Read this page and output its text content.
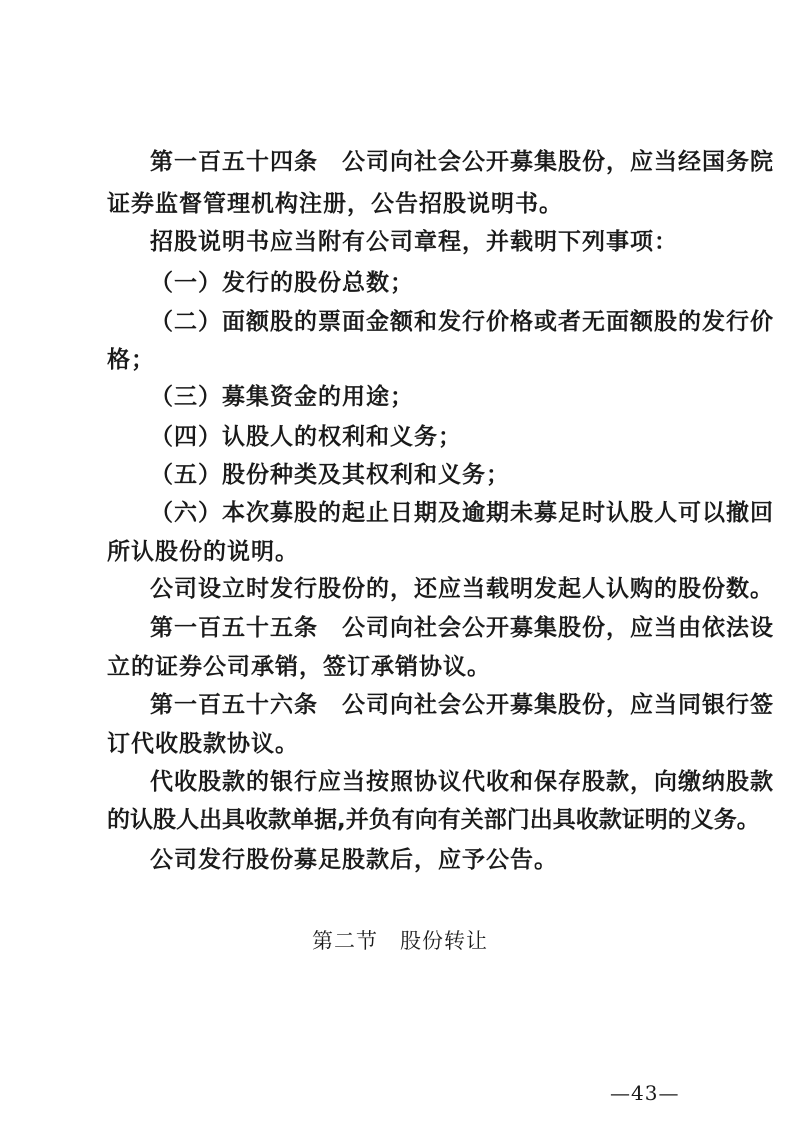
第一百五十四条　公司向社会公开募集股份，应当经国务院
证券监督管理机构注册，公告招股说明书。
招股说明书应当附有公司章程，并载明下列事项：
（一）发行的股份总数；
（二）面额股的票面金额和发行价格或者无面额股的发行价
格；
（三）募集资金的用途；
（四）认股人的权利和义务；
（五）股份种类及其权利和义务；
（六）本次募股的起止日期及逾期未募足时认股人可以撤回
所认股份的说明。
公司设立时发行股份的，还应当载明发起人认购的股份数。
第一百五十五条　公司向社会公开募集股份，应当由依法设
立的证券公司承销，签订承销协议。
第一百五十六条　公司向社会公开募集股份，应当同银行签
订代收股款协议。
代收股款的银行应当按照协议代收和保存股款，向缴纳股款
的认股人出具收款单据,并负有向有关部门出具收款证明的义务。
公司发行股份募足股款后，应予公告。
第二节　股份转让
—43—
